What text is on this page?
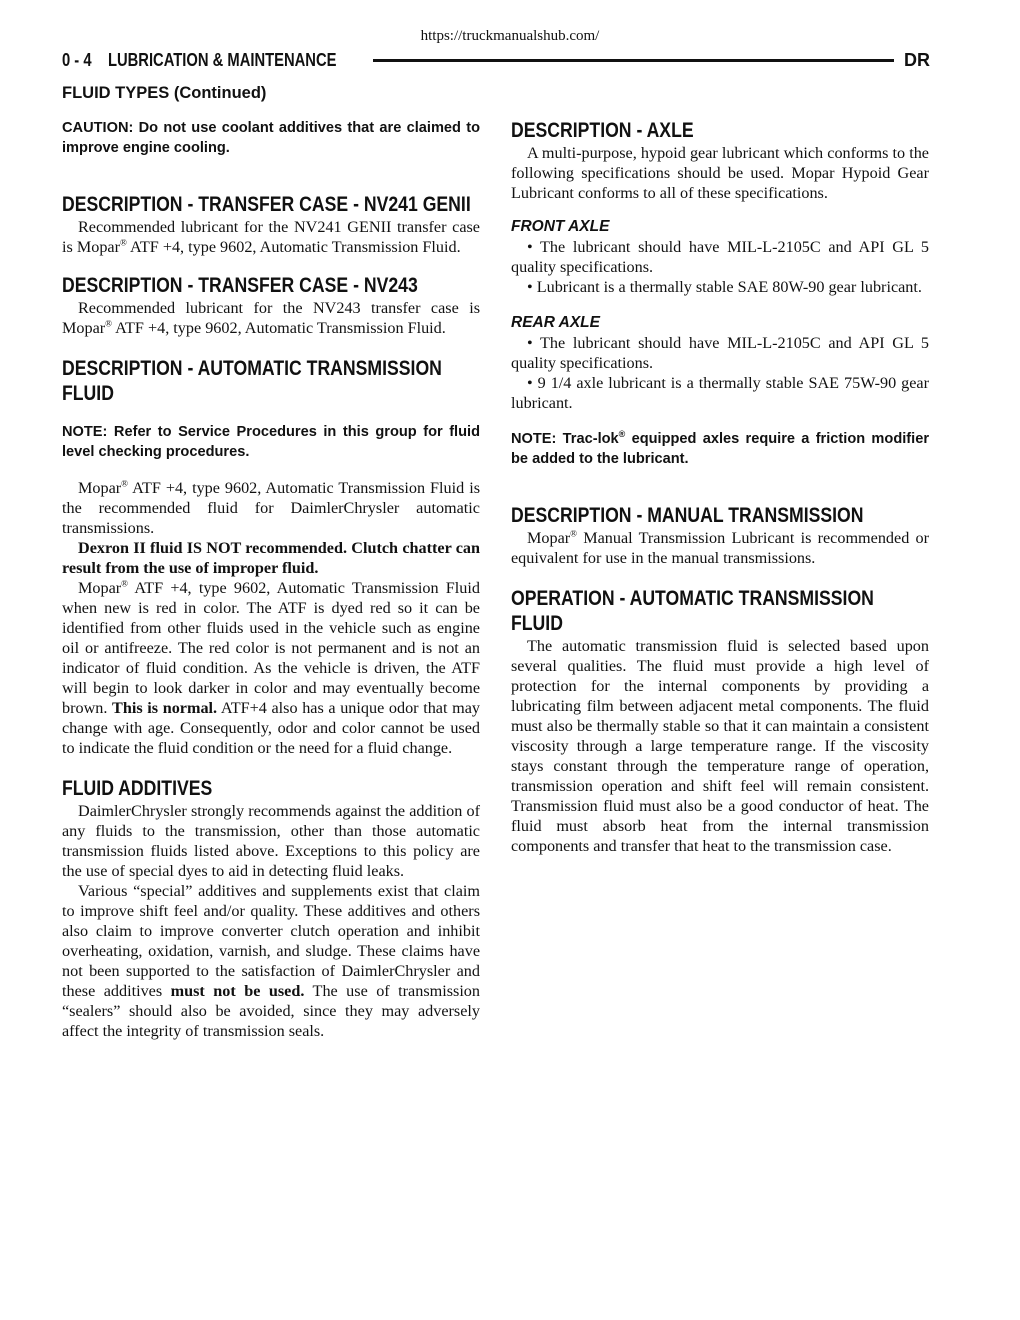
https://truckmanualshub.com/
0 - 4 LUBRICATION & MAINTENANCE	DR
FLUID TYPES (Continued)

CAUTION: Do not use coolant additives that are claimed to improve engine cooling.

DESCRIPTION - TRANSFER CASE - NV241 GENII

Recommended lubricant for the NV241 GENII transfer case is Mopar® ATF +4, type 9602, Automatic Transmission Fluid.

DESCRIPTION - TRANSFER CASE - NV243

Recommended lubricant for the NV243 transfer case is Mopar® ATF +4, type 9602, Automatic Transmission Fluid.

DESCRIPTION - AUTOMATIC TRANSMISSION FLUID

NOTE: Refer to Service Procedures in this group for fluid level checking procedures.

Mopar® ATF +4, type 9602, Automatic Transmission Fluid is the recommended fluid for DaimlerChrysler automatic transmissions.

Dexron II fluid IS NOT recommended. Clutch chatter can result from the use of improper fluid.

Mopar® ATF +4, type 9602, Automatic Transmission Fluid when new is red in color. The ATF is dyed red so it can be identified from other fluids used in the vehicle such as engine oil or antifreeze. The red color is not permanent and is not an indicator of fluid condition. As the vehicle is driven, the ATF will begin to look darker in color and may eventually become brown. This is normal. ATF+4 also has a unique odor that may change with age. Consequently, odor and color cannot be used to indicate the fluid condition or the need for a fluid change.

FLUID ADDITIVES

DaimlerChrysler strongly recommends against the addition of any fluids to the transmission, other than those automatic transmission fluids listed above. Exceptions to this policy are the use of special dyes to aid in detecting fluid leaks.

Various “special” additives and supplements exist that claim to improve shift feel and/or quality. These additives and others also claim to improve converter clutch operation and inhibit overheating, oxidation, varnish, and sludge. These claims have not been supported to the satisfaction of DaimlerChrysler and these additives must not be used. The use of transmission “sealers” should also be avoided, since they may adversely affect the integrity of transmission seals.

DESCRIPTION - AXLE

A multi-purpose, hypoid gear lubricant which conforms to the following specifications should be used. Mopar Hypoid Gear Lubricant conforms to all of these specifications.

FRONT AXLE

• The lubricant should have MIL-L-2105C and API GL 5 quality specifications.

• Lubricant is a thermally stable SAE 80W-90 gear lubricant.

REAR AXLE

• The lubricant should have MIL-L-2105C and API GL 5 quality specifications.

• 9 1/4 axle lubricant is a thermally stable SAE 75W-90 gear lubricant.

NOTE: Trac-lok® equipped axles require a friction modifier be added to the lubricant.

DESCRIPTION - MANUAL TRANSMISSION

Mopar® Manual Transmission Lubricant is recommended or equivalent for use in the manual transmissions.

OPERATION - AUTOMATIC TRANSMISSION FLUID

The automatic transmission fluid is selected based upon several qualities. The fluid must provide a high level of protection for the internal components by providing a lubricating film between adjacent metal components. The fluid must also be thermally stable so that it can maintain a consistent viscosity through a large temperature range. If the viscosity stays constant through the temperature range of operation, transmission operation and shift feel will remain consistent. Transmission fluid must also be a good conductor of heat. The fluid must absorb heat from the internal transmission components and transfer that heat to the transmission case.
